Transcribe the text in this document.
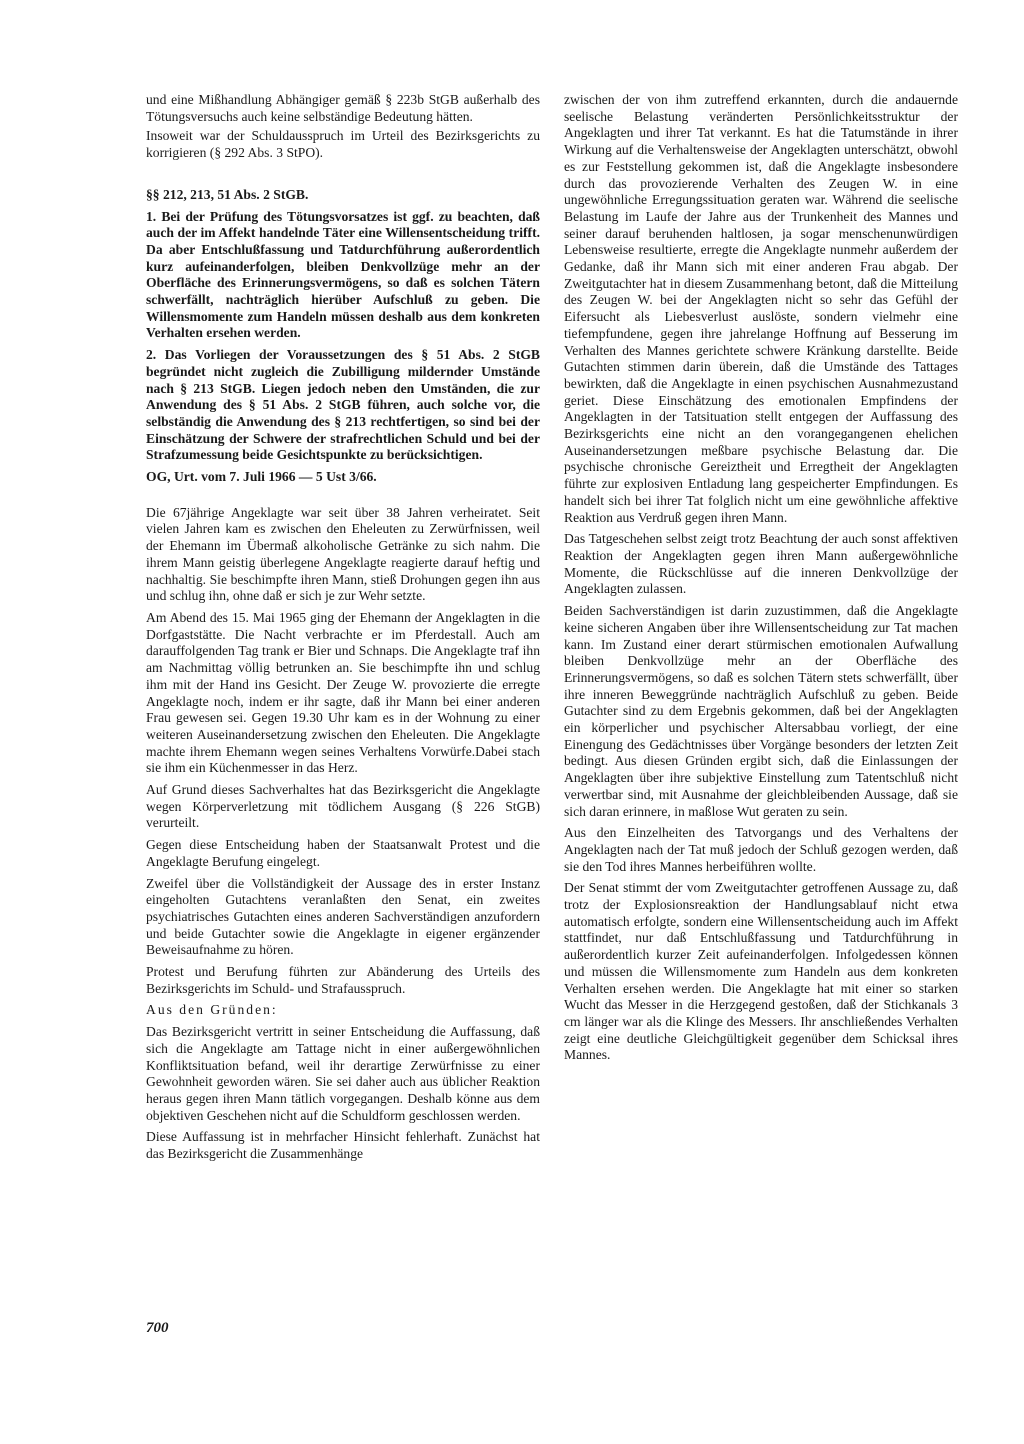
und eine Mißhandlung Abhängiger gemäß § 223b StGB außerhalb des Tötungsversuchs auch keine selbständige Bedeutung hätten.

Insoweit war der Schuldausspruch im Urteil des Bezirksgerichts zu korrigieren (§ 292 Abs. 3 StPO).

§§ 212, 213, 51 Abs. 2 StGB.

1. Bei der Prüfung des Tötungsvorsatzes ist ggf. zu beachten, daß auch der im Affekt handelnde Täter eine Willensentscheidung trifft. Da aber Entschlußfassung und Tatdurchführung außerordentlich kurz aufeinanderfolgen, bleiben Denkvollzüge mehr an der Oberfläche des Erinnerungsvermögens, so daß es solchen Tätern schwerfällt, nachträglich hierüber Aufschluß zu geben. Die Willensmomente zum Handeln müssen deshalb aus dem konkreten Verhalten ersehen werden.

2. Das Vorliegen der Voraussetzungen des § 51 Abs. 2 StGB begründet nicht zugleich die Zubilligung mildernder Umstände nach § 213 StGB. Liegen jedoch neben den Umständen, die zur Anwendung des § 51 Abs. 2 StGB führen, auch solche vor, die selbständig die Anwendung des § 213 rechtfertigen, so sind bei der Einschätzung der Schwere der strafrechtlichen Schuld und bei der Strafzumessung beide Gesichtspunkte zu berücksichtigen.

OG, Urt. vom 7. Juli 1966 — 5 Ust 3/66.

Die 67jährige Angeklagte war seit über 38 Jahren verheiratet. Seit vielen Jahren kam es zwischen den Eheleuten zu Zerwürfnissen, weil der Ehemann im Übermaß alkoholische Getränke zu sich nahm. Die ihrem Mann geistig überlegene Angeklagte reagierte darauf heftig und nachhaltig. Sie beschimpfte ihren Mann, stieß Drohungen gegen ihn aus und schlug ihn, ohne daß er sich je zur Wehr setzte.

Am Abend des 15. Mai 1965 ging der Ehemann der Angeklagten in die Dorfgaststätte. Die Nacht verbrachte er im Pferdestall. Auch am darauffolgenden Tag trank er Bier und Schnaps. Die Angeklagte traf ihn am Nachmittag völlig betrunken an. Sie beschimpfte ihn und schlug ihm mit der Hand ins Gesicht. Der Zeuge W. provozierte die erregte Angeklagte noch, indem er ihr sagte, daß ihr Mann bei einer anderen Frau gewesen sei. Gegen 19.30 Uhr kam es in der Wohnung zu einer weiteren Auseinandersetzung zwischen den Eheleuten. Die Angeklagte machte ihrem Ehemann wegen seines Verhaltens Vorwürfe.Dabei stach sie ihm ein Küchenmesser in das Herz.

Auf Grund dieses Sachverhaltes hat das Bezirksgericht die Angeklagte wegen Körperverletzung mit tödlichem Ausgang (§ 226 StGB) verurteilt.

Gegen diese Entscheidung haben der Staatsanwalt Protest und die Angeklagte Berufung eingelegt.

Zweifel über die Vollständigkeit der Aussage des in erster Instanz eingeholten Gutachtens veranlaßten den Senat, ein zweites psychiatrisches Gutachten eines anderen Sachverständigen anzufordern und beide Gutachter sowie die Angeklagte in eigener ergänzender Beweisaufnahme zu hören.

Protest und Berufung führten zur Abänderung des Urteils des Bezirksgerichts im Schuld- und Strafausspruch.

Aus den Gründen:

Das Bezirksgericht vertritt in seiner Entscheidung die Auffassung, daß sich die Angeklagte am Tattage nicht in einer außergewöhnlichen Konfliktsituation befand, weil ihr derartige Zerwürfnisse zu einer Gewohnheit geworden wären. Sie sei daher auch aus üblicher Reaktion heraus gegen ihren Mann tätlich vorgegangen. Deshalb könne aus dem objektiven Geschehen nicht auf die Schuldform geschlossen werden.

Diese Auffassung ist in mehrfacher Hinsicht fehlerhaft. Zunächst hat das Bezirksgericht die Zusammenhänge

zwischen der von ihm zutreffend erkannten, durch die andauernde seelische Belastung veränderten Persönlichkeitsstruktur der Angeklagten und ihrer Tat verkannt. Es hat die Tatumstände in ihrer Wirkung auf die Verhaltensweise der Angeklagten unterschätzt, obwohl es zur Feststellung gekommen ist, daß die Angeklagte insbesondere durch das provozierende Verhalten des Zeugen W. in eine ungewöhnliche Erregungssituation geraten war. Während die seelische Belastung im Laufe der Jahre aus der Trunkenheit des Mannes und seiner darauf beruhenden haltlosen, ja sogar menschenunwürdigen Lebensweise resultierte, erregte die Angeklagte nunmehr außerdem der Gedanke, daß ihr Mann sich mit einer anderen Frau abgab. Der Zweitgutachter hat in diesem Zusammenhang betont, daß die Mitteilung des Zeugen W. bei der Angeklagten nicht so sehr das Gefühl der Eifersucht als Liebesverlust auslöste, sondern vielmehr eine tiefempfundene, gegen ihre jahrelange Hoffnung auf Besserung im Verhalten des Mannes gerichtete schwere Kränkung darstellte. Beide Gutachten stimmen darin überein, daß die Umstände des Tattages bewirkten, daß die Angeklagte in einen psychischen Ausnahmezustand geriet. Diese Einschätzung des emotionalen Empfindens der Angeklagten in der Tatsituation stellt entgegen der Auffassung des Bezirksgerichts eine nicht an den vorangegangenen ehelichen Auseinandersetzungen meßbare psychische Belastung dar. Die psychische chronische Gereiztheit und Erregtheit der Angeklagten führte zur explosiven Entladung lang gespeicherter Empfindungen. Es handelt sich bei ihrer Tat folglich nicht um eine gewöhnliche affektive Reaktion aus Verdruß gegen ihren Mann.

Das Tatgeschehen selbst zeigt trotz Beachtung der auch sonst affektiven Reaktion der Angeklagten gegen ihren Mann außergewöhnliche Momente, die Rückschlüsse auf die inneren Denkvollzüge der Angeklagten zulassen.

Beiden Sachverständigen ist darin zuzustimmen, daß die Angeklagte keine sicheren Angaben über ihre Willensentscheidung zur Tat machen kann. Im Zustand einer derart stürmischen emotionalen Aufwallung bleiben Denkvollzüge mehr an der Oberfläche des Erinnerungsvermögens, so daß es solchen Tätern stets schwerfällt, über ihre inneren Beweggründe nachträglich Aufschluß zu geben. Beide Gutachter sind zu dem Ergebnis gekommen, daß bei der Angeklagten ein körperlicher und psychischer Altersabbau vorliegt, der eine Einengung des Gedächtnisses über Vorgänge besonders der letzten Zeit bedingt. Aus diesen Gründen ergibt sich, daß die Einlassungen der Angeklagten über ihre subjektive Einstellung zum Tatentschluß nicht verwertbar sind, mit Ausnahme der gleichbleibenden Aussage, daß sie sich daran erinnere, in maßlose Wut geraten zu sein.

Aus den Einzelheiten des Tatvorgangs und des Verhaltens der Angeklagten nach der Tat muß jedoch der Schluß gezogen werden, daß sie den Tod ihres Mannes herbeiführen wollte.

Der Senat stimmt der vom Zweitgutachter getroffenen Aussage zu, daß trotz der Explosionsreaktion der Handlungsablauf nicht etwa automatisch erfolgte, sondern eine Willensentscheidung auch im Affekt stattfindet, nur daß Entschlußfassung und Tatdurchführung in außerordentlich kurzer Zeit aufeinanderfolgen. Infolgedessen können und müssen die Willensmomente zum Handeln aus dem konkreten Verhalten ersehen werden. Die Angeklagte hat mit einer so starken Wucht das Messer in die Herzgegend gestoßen, daß der Stichkanals 3 cm länger war als die Klinge des Messers. Ihr anschließendes Verhalten zeigt eine deutliche Gleichgültigkeit gegenüber dem Schicksal ihres Mannes.

700
